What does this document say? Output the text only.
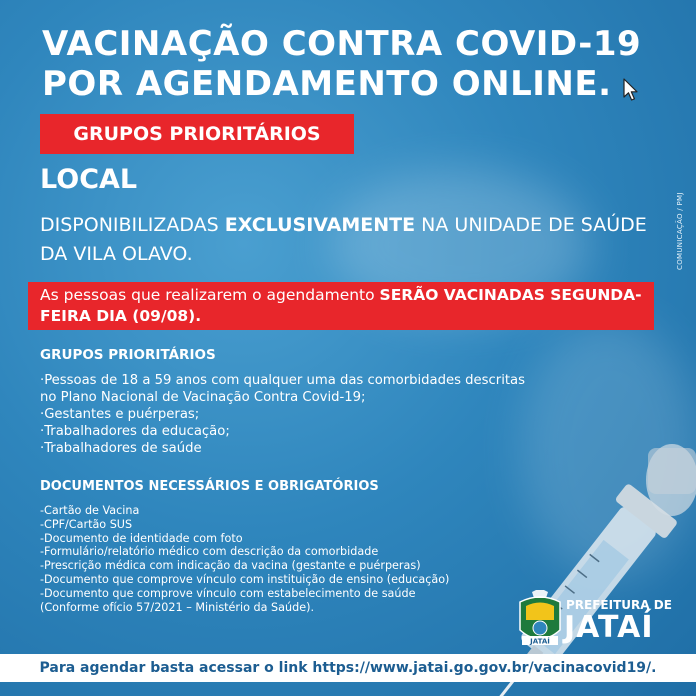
VACINAÇÃO CONTRA COVID-19
POR AGENDAMENTO ONLINE.
GRUPOS PRIORITÁRIOS
LOCAL
DISPONIBILIZADAS EXCLUSIVAMENTE NA UNIDADE DE SAÚDE DA VILA OLAVO.	COMUNICAÇÃO / PMJ
As pessoas que realizarem o agendamento SERÃO VACINADAS SEGUNDA-FEIRA DIA (09/08).
GRUPOS PRIORITÁRIOS
·Pessoas de 18 a 59 anos com qualquer uma das comorbidades descritas
no Plano Nacional de Vacinação Contra Covid-19;
·Gestantes e puérperas;
·Trabalhadores da educação;
·Trabalhadores de saúde
DOCUMENTOS NECESSÁRIOS E OBRIGATÓRIOS
-Cartão de Vacina
-CPF/Cartão SUS
-Documento de identidade com foto
-Formulário/relatório médico com descrição da comorbidade
-Prescrição médica com indicação da vacina (gestante e puérperas)
-Documento que comprove vínculo com instituição de ensino (educação)
-Documento que comprove vínculo com estabelecimento de saúde
(Conforme ofício 57/2021 – Ministério da Saúde).
JATAÍ
PREFEITURA DE
JATAÍ
Para agendar basta acessar o link https://www.jatai.go.gov.br/vacinacovid19/.
